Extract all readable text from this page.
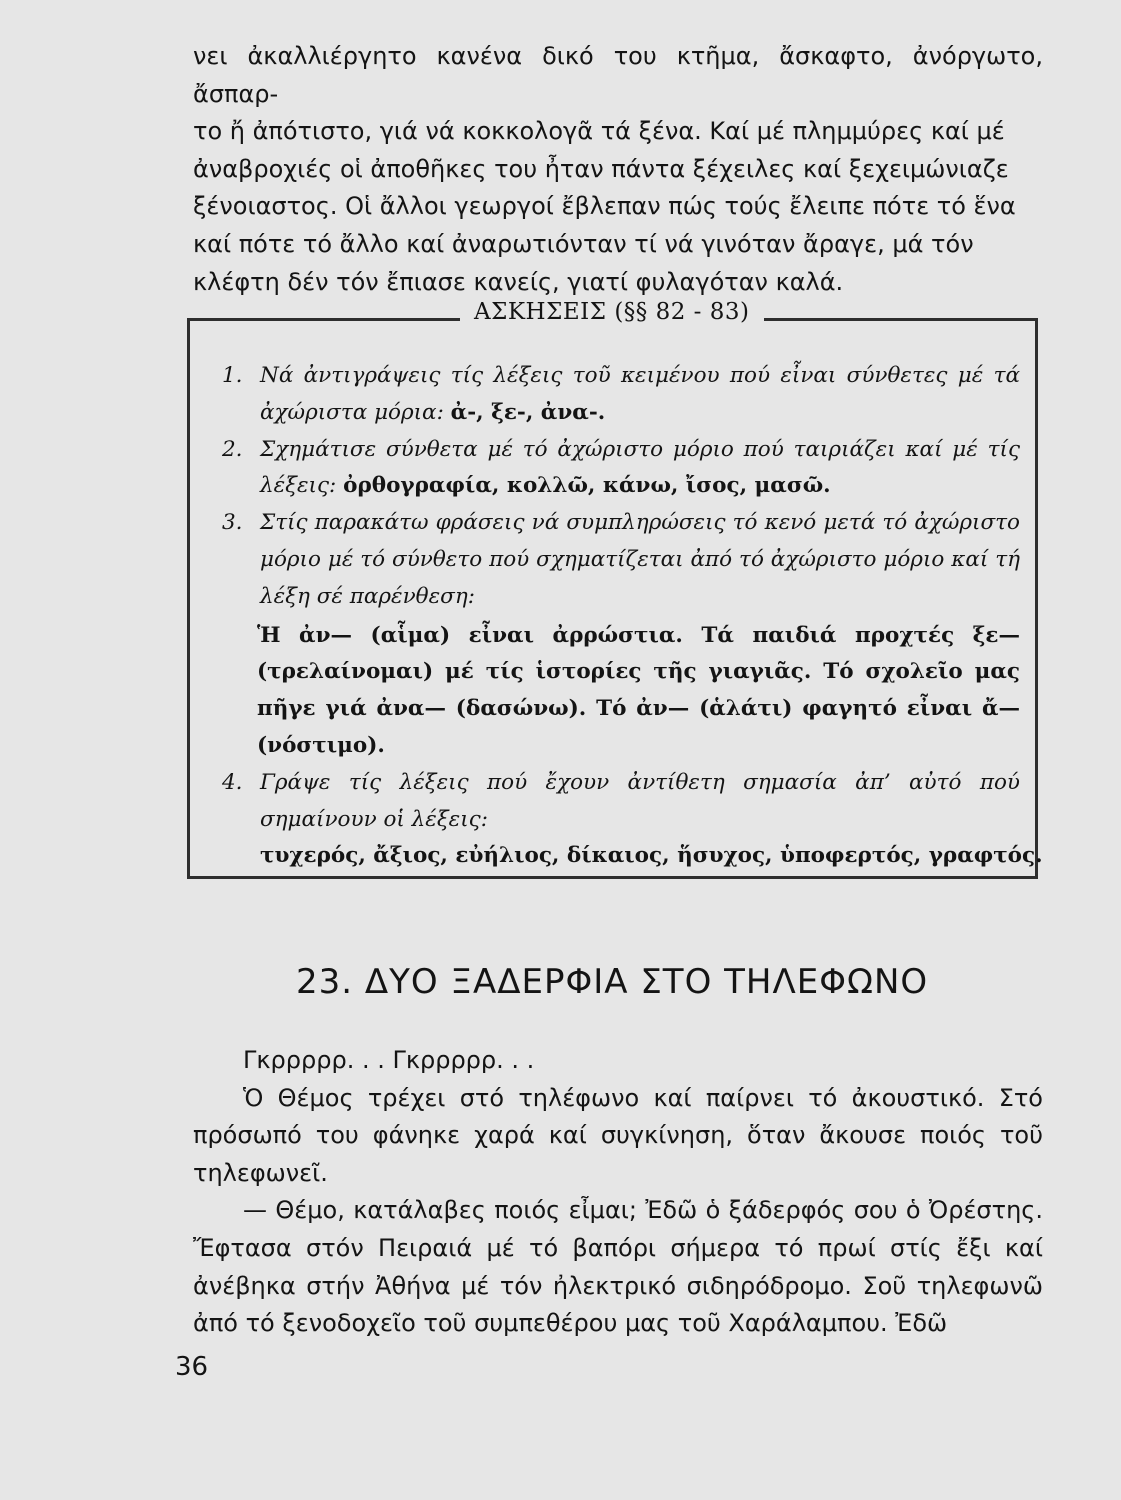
νει ἀκαλλιέργητο κανένα δικό του κτῆμα, ἄσκαφτο, ἀνόργωτο, ἄσπαρ-

το ἤ ἀπότιστο, γιά νά κοκκολογᾶ τά ξένα. Καί μέ πλημμύρες καί μέ

ἀναβροχιές οἱ ἀποθῆκες του ἦταν πάντα ξέχειλες καί ξεχειμώνιαζε

ξένοιαστος. Οἱ ἄλλοι γεωργοί ἔβλεπαν πώς τούς ἔλειπε πότε τό ἕνα

καί πότε τό ἄλλο καί ἀναρωτιόνταν τί νά γινόταν ἄραγε, μά τόν

κλέφτη δέν τόν ἔπιασε κανείς, γιατί φυλαγόταν καλά.

ΑΣΚΗΣΕΙΣ (§§ 82 - 83)
1. Νά ἀντιγράψεις τίς λέξεις τοῦ κειμένου πού εἶναι σύνθετες μέ τά ἀχώριστα μόρια: ἀ-, ξε-, ἀνα-.
2. Σχημάτισε σύνθετα μέ τό ἀχώριστο μόριο πού ταιριάζει καί μέ τίς λέξεις: ὀρθογραφία, κολλῶ, κάνω, ἴσος, μασῶ.
3. Στίς παρακάτω φράσεις νά συμπληρώσεις τό κενό μετά τό ἀχώριστο μόριο μέ τό σύνθετο πού σχηματίζεται ἀπό τό ἀχώριστο μόριο καί τή λέξη σέ παρένθεση:
Ἡ ἀν— (αἷμα) εἶναι ἀρρώστια. Τά παιδιά προχτές ξε— (τρελαίνομαι) μέ τίς ἱστορίες τῆς γιαγιᾶς. Τό σχολεῖο μας πῆγε γιά ἀνα— (δασώνω). Τό ἀν— (ἁλάτι) φαγητό εἶναι ἄ—(νόστιμο).
4. Γράψε τίς λέξεις πού ἔχουν ἀντίθετη σημασία ἀπ’ αὐτό πού σημαίνουν οἱ λέξεις:
τυχερός, ἄξιος, εὐήλιος, δίκαιος, ἥσυχος, ὑποφερτός, γραφτός.
23. ΔΥΟ ΞΑΔΕΡΦΙΑ ΣΤΟ ΤΗΛΕΦΩΝΟ

Γκρρρρρ. . . Γκρρρρρ. . .

Ὁ Θέμος τρέχει στό τηλέφωνο καί παίρνει τό ἀκουστικό. Στό πρόσωπό του φάνηκε χαρά καί συγκίνηση, ὅταν ἄκουσε ποιός τοῦ τηλεφωνεῖ.

— Θέμο, κατάλαβες ποιός εἶμαι; Ἐδῶ ὁ ξάδερφός σου ὁ Ὀρέστης. Ἔφτασα στόν Πειραιά μέ τό βαπόρι σήμερα τό πρωί στίς ἔξι καί ἀνέβηκα στήν Ἀθήνα μέ τόν ἠλεκτρικό σιδηρόδρομο. Σοῦ τηλεφωνῶ ἀπό τό ξενοδοχεῖο τοῦ συμπεθέρου μας τοῦ Χαράλαμπου. Ἐδῶ

36
